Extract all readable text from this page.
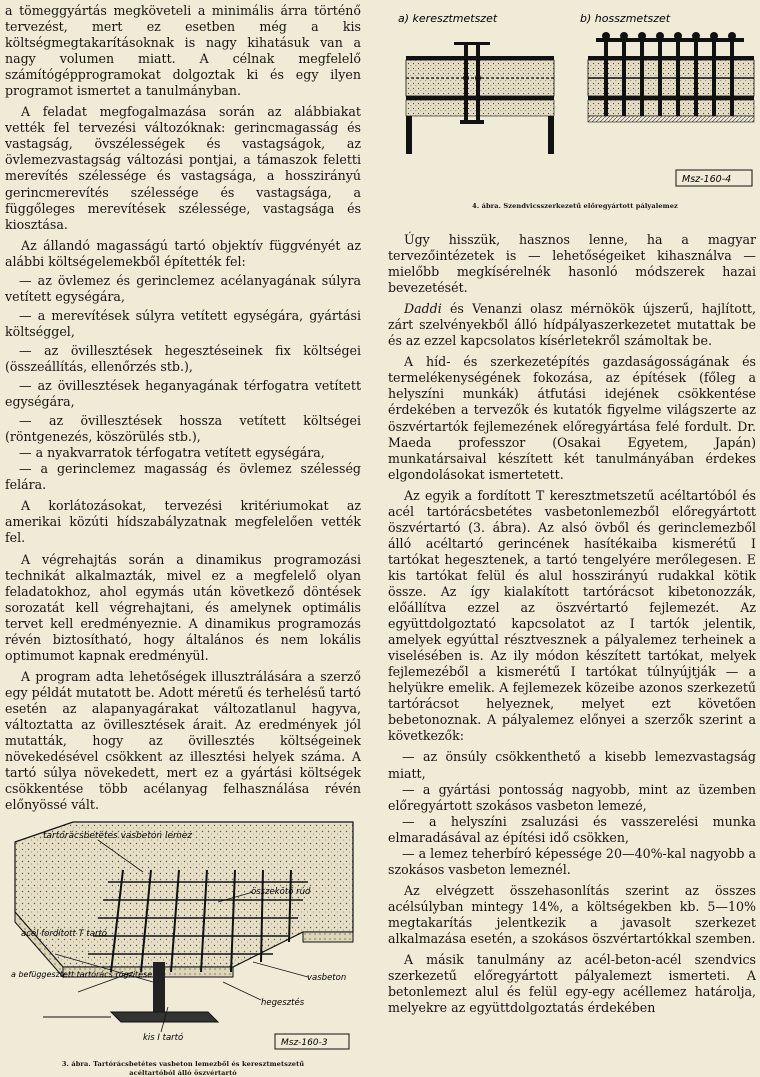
a tömeggyártás megköveteli a minimális árra történő tervezést, mert ez esetben még a kis költségmegtakarításoknak is nagy kihatásuk van a nagy volumen miatt. A célnak megfelelő számítógépprogramokat dolgoztak ki és egy ilyen programot ismertet a tanulmányban.

A feladat megfogalmazása során az alábbiakat vették fel tervezési változóknak: gerincmagasság és vastagság, övszélességek és vastagságok, az övlemezvastagság változási pontjai, a támaszok feletti merevítés szélessége és vastagsága, a hosszirányú gerincmerevítés szélessége és vastagsága, a függőleges merevítések szélessége, vastagsága és kiosztása.

Az állandó magasságú tartó objektív függvényét az alábbi költségelemekből építették fel:

— az övlemez és gerinclemez acélanyagának súlyra vetített egységára,

— a merevítések súlyra vetített egységára, gyártási költséggel,

— az övillesztések hegesztéseinek fix költségei (összeállítás, ellenőrzés stb.),

— az övillesztések heganyagának térfogatra vetített egységára,

— az övillesztések hossza vetített költségei (röntgenezés, köszörülés stb.),

— a nyakvarratok térfogatra vetített egységára,

— a gerinclemez magasság és övlemez szélesség felára.

A korlátozásokat, tervezési kritériumokat az amerikai közúti hídszabályzatnak megfelelően vették fel.

A végrehajtás során a dinamikus programozási technikát alkalmazták, mivel ez a megfelelő olyan feladatokhoz, ahol egymás után következő döntések sorozatát kell végrehajtani, és amelynek optimális tervet kell eredményeznie. A dinamikus programozás révén biztosítható, hogy általános és nem lokális optimumot kapnak eredményül.

A program adta lehetőségek illusztrálására a szerző egy példát mutatott be. Adott méretű és terhelésű tartó esetén az alapanyagárakat változatlanul hagyva, változtatta az övillesztések árait. Az eredmények jól mutatták, hogy az övillesztés költségeinek növekedésével csökkent az illesztési helyek száma. A tartó súlya növekedett, mert ez a gyártási költségek csökkentése több acélanyag felhasználása révén előnyössé vált.

tartórácsbetétes vasbeton lemez
összekötő rúd
acél fordított T tartó
a befüggesztett tartórács rögzítése	vasbeton
hegesztés
kis I tartó	Msz-160-3
3. ábra. Tartórácsbetétes vasbeton lemezből és keresztmetszetű
acéltartóból álló öszvértartó
a) keresztmetszet	b) hosszmetszet
Msz-160-4
4. ábra. Szendvicsszerkezetű előregyártott pályalemez

Úgy hisszük, hasznos lenne, ha a magyar tervezőintézetek is — lehetőségeiket kihasználva — mielőbb megkísérelnék hasonló módszerek hazai bevezetését.

Daddi és Venanzi olasz mérnökök újszerű, hajlított, zárt szelvényekből álló hídpályaszerkezetet mutattak be és az ezzel kapcsolatos kísérletekről számoltak be.

A híd- és szerkezetépítés gazdaságosságának és termelékenységének fokozása, az építések (főleg a helyszíni munkák) átfutási idejének csökkentése érdekében a tervezők és kutatók figyelme világszerte az öszvértartók fejlemezének előregyártása felé fordult. Dr. Maeda professzor (Osakai Egyetem, Japán) munkatársaival készített két tanulmányában érdekes elgondolásokat ismertetett.

Az egyik a fordított T keresztmetszetű acéltartóból és acél tartórácsbetétes vasbetonlemezből előregyártott öszvértartó (3. ábra). Az alsó övből és gerinclemezből álló acéltartó gerincének hasítékaiba kismerétű I tartókat hegesztenek, a tartó tengelyére merőlegesen. E kis tartókat felül és alul hosszirányú rudakkal kötik össze. Az így kialakított tartórácsot kibetonozzák, előállítva ezzel az öszvértartó fejlemezét. Az együttdolgoztató kapcsolatot az I tartók jelentik, amelyek egyúttal résztvesznek a pályalemez terheinek a viselésében is. Az ily módon készített tartókat, melyek fejlemezéből a kismerétű I tartókat túlnyújtják — a helyükre emelik. A fejlemezek közeibe azonos szerkezetű tartórácsot helyeznek, melyet ezt követően bebetonoznak. A pályalemez előnyei a szerzők szerint a következők:

— az önsúly csökkenthető a kisebb lemezvastagság miatt,

— a gyártási pontosság nagyobb, mint az üzemben előregyártott szokásos vasbeton lemezé,

— a helyszíni zsaluzási és vasszerelési munka elmaradásával az építési idő csökken,

— a lemez teherbíró képessége 20—40%-kal nagyobb a szokásos vasbeton lemeznél.

Az elvégzett összehasonlítás szerint az összes acélsúlyban mintegy 14%, a költségekben kb. 5—10% megtakarítás jelentkezik a javasolt szerkezet alkalmazása esetén, a szokásos öszvértartókkal szemben.

A másik tanulmány az acél-beton-acél szendvics szerkezetű előregyártott pályalemezt ismerteti. A betonlemezt alul és felül egy-egy acéllemez határolja, melyekre az együttdolgoztatás érdekében
